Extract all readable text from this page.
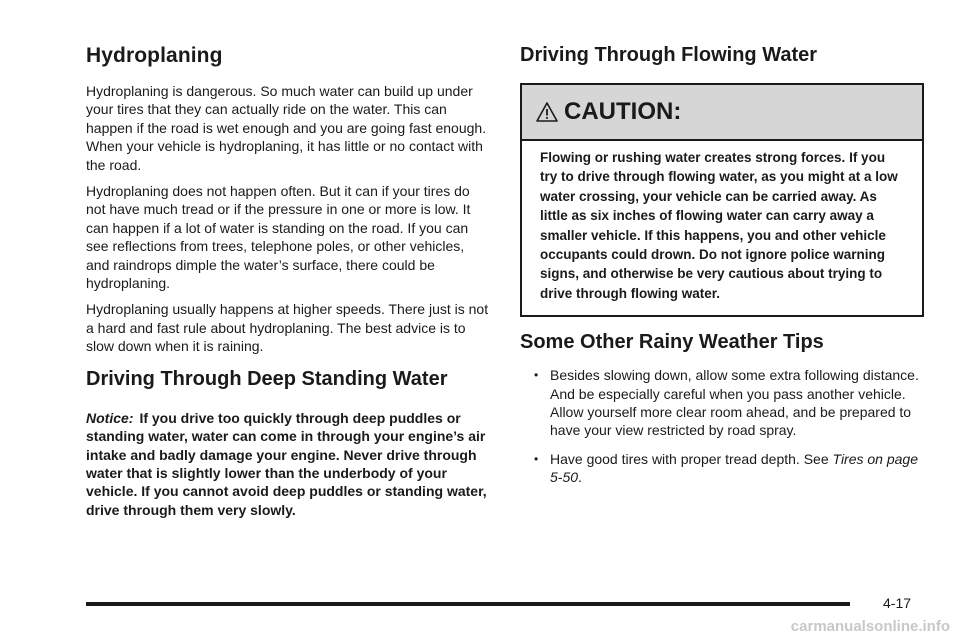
Hydroplaning

Hydroplaning is dangerous. So much water can build up under your tires that they can actually ride on the water. This can happen if the road is wet enough and you are going fast enough. When your vehicle is hydroplaning, it has little or no contact with the road.

Hydroplaning does not happen often. But it can if your tires do not have much tread or if the pressure in one or more is low. It can happen if a lot of water is standing on the road. If you can see reflections from trees, telephone poles, or other vehicles, and raindrops dimple the water’s surface, there could be hydroplaning.

Hydroplaning usually happens at higher speeds. There just is not a hard and fast rule about hydroplaning. The best advice is to slow down when it is raining.

Driving Through Deep Standing Water

Notice: If you drive too quickly through deep puddles or standing water, water can come in through your engine’s air intake and badly damage your engine. Never drive through water that is slightly lower than the underbody of your vehicle. If you cannot avoid deep puddles or standing water, drive through them very slowly.

Driving Through Flowing Water
CAUTION:
Flowing or rushing water creates strong forces. If you try to drive through flowing water, as you might at a low water crossing, your vehicle can be carried away. As little as six inches of flowing water can carry away a smaller vehicle. If this happens, you and other vehicle occupants could drown. Do not ignore police warning signs, and otherwise be very cautious about trying to drive through flowing water.
Some Other Rainy Weather Tips
• Besides slowing down, allow some extra following distance. And be especially careful when you pass another vehicle. Allow yourself more clear room ahead, and be prepared to have your view restricted by road spray.
• Have good tires with proper tread depth. See Tires on page 5-50.
4-17
carmanualsonline.info
